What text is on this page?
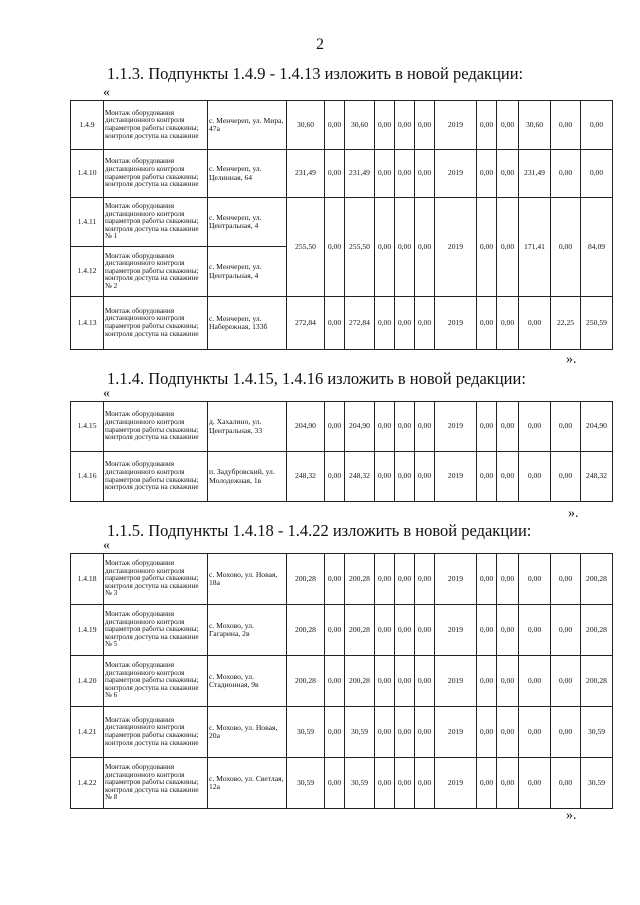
2
1.1.3. Подпункты 1.4.9 - 1.4.13 изложить в новой редакции:
«
1.4.9	Монтаж оборудования дистанционного контроля параметров работы скважины; контроля доступа на скважине	с. Менчереп, ул. Мира, 47а	30,60	0,00	30,60	0,00	0,00	0,00	2019	0,00	0,00	30,60	0,00	0,00
1.4.10	Монтаж оборудования дистанционного контроля параметров работы скважины; контроля доступа на скважине	с. Менчереп, ул. Целинная, 64	231,49	0,00	231,49	0,00	0,00	0,00	2019	0,00	0,00	231,49	0,00	0,00
1.4.11	Монтаж оборудования дистанционного контроля параметров работы скважины; контроля доступа на скважине № 1	с. Менчереп, ул. Центральная, 4	255,50	0,00	255,50	0,00	0,00	0,00	2019	0,00	0,00	171,41	0,00	84,09
1.4.12	Монтаж оборудования дистанционного контроля параметров работы скважины; контроля доступа на скважине № 2	с. Менчереп, ул. Центральная, 4												
1.4.13	Монтаж оборудования дистанционного контроля параметров работы скважины; контроля доступа на скважине	с. Менчереп, ул. Набережная, 133б	272,84	0,00	272,84	0,00	0,00	0,00	2019	0,00	0,00	0,00	22,25	250,59
».
1.1.4. Подпункты 1.4.15, 1.4.16 изложить в новой редакции:
«
1.4.15	Монтаж оборудования дистанционного контроля параметров работы скважины; контроля доступа на скважине	д. Хахалино, ул. Центральная, 33	204,90	0,00	204,90	0,00	0,00	0,00	2019	0,00	0,00	0,00	0,00	204,90
1.4.16	Монтаж оборудования дистанционного контроля параметров работы скважины; контроля доступа на скважине	п. Задубровский, ул. Молодежная, 1в	248,32	0,00	248,32	0,00	0,00	0,00	2019	0,00	0,00	0,00	0,00	248,32
».
1.1.5. Подпункты 1.4.18 - 1.4.22 изложить в новой редакции:
«
1.4.18	Монтаж оборудования дистанционного контроля параметров работы скважины; контроля доступа на скважине № 3	с. Мохово, ул. Новая, 18а	200,28	0,00	200,28	0,00	0,00	0,00	2019	0,00	0,00	0,00	0,00	200,28
1.4.19	Монтаж оборудования дистанционного контроля параметров работы скважины; контроля доступа на скважине № 5	с. Мохово, ул. Гагарина, 2в	200,28	0,00	200,28	0,00	0,00	0,00	2019	0,00	0,00	0,00	0,00	200,28
1.4.20	Монтаж оборудования дистанционного контроля параметров работы скважины; контроля доступа на скважине № 6	с. Мохово, ул. Стадионная, 9в	200,28	0,00	200,28	0,00	0,00	0,00	2019	0,00	0,00	0,00	0,00	200,28
1.4.21	Монтаж оборудования дистанционного контроля параметров работы скважины; контроля доступа на скважине	с. Мохово, ул. Новая, 20а	30,59	0,00	30,59	0,00	0,00	0,00	2019	0,00	0,00	0,00	0,00	30,59
1.4.22	Монтаж оборудования дистанционного контроля параметров работы скважины; контроля доступа на скважине № 8	с. Мохово, ул. Светлая, 12а	30,59	0,00	30,59	0,00	0,00	0,00	2019	0,00	0,00	0,00	0,00	30,59
».
